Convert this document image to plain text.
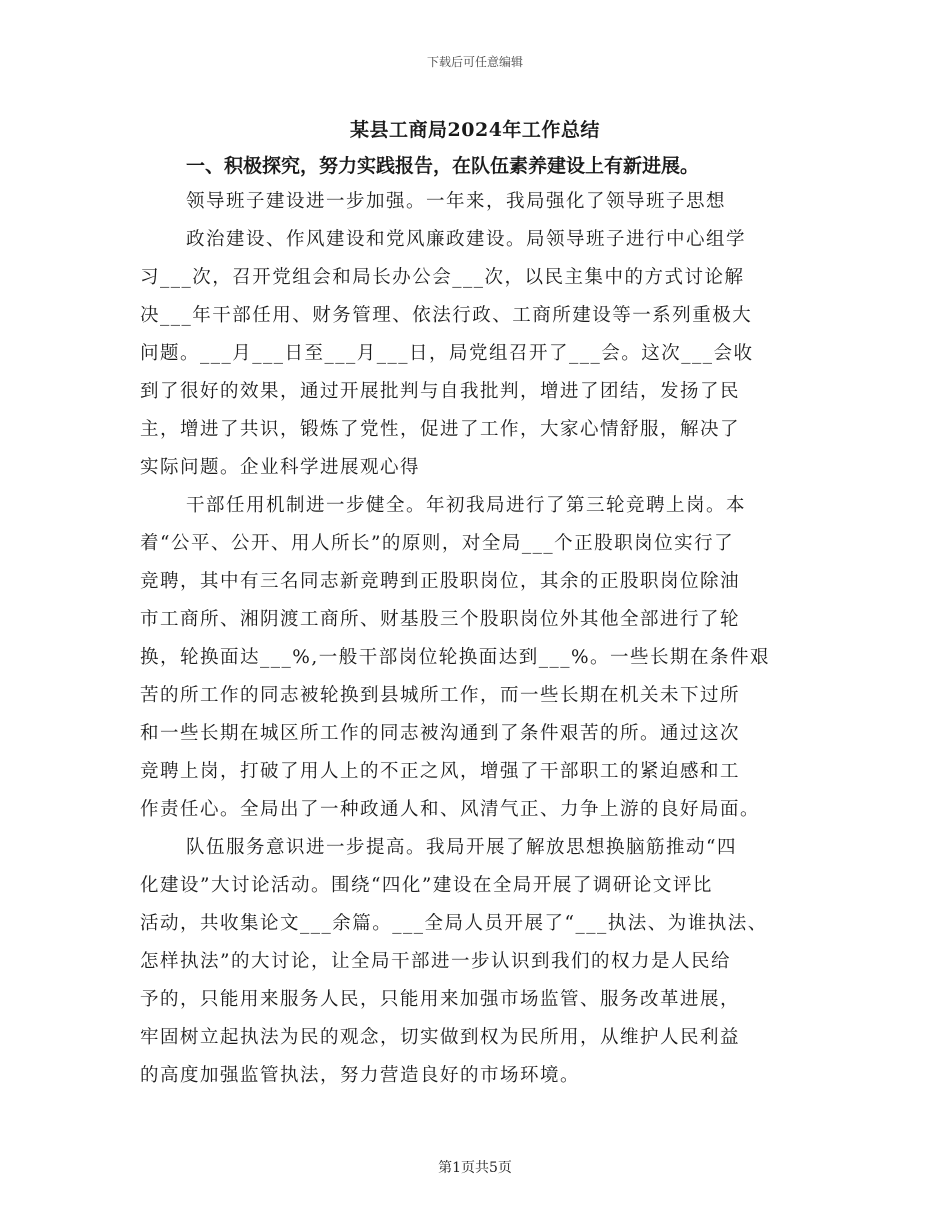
下载后可任意编辑
某县工商局2024年工作总结
一、积极探究，努力实践报告，在队伍素养建设上有新进展。
领导班子建设进一步加强。一年来，我局强化了领导班子思想
政治建设、作风建设和党风廉政建设。局领导班子进行中心组学
习___次，召开党组会和局长办公会___次，以民主集中的方式讨论解
决___年干部任用、财务管理、依法行政、工商所建设等一系列重极大
问题。___月___日至___月___日，局党组召开了___会。这次___会收
到了很好的效果，通过开展批判与自我批判，增进了团结，发扬了民
主，增进了共识，锻炼了党性，促进了工作，大家心情舒服，解决了
实际问题。企业科学进展观心得
干部任用机制进一步健全。年初我局进行了第三轮竞聘上岗。本
着“公平、公开、用人所长”的原则，对全局___个正股职岗位实行了
竞聘，其中有三名同志新竞聘到正股职岗位，其余的正股职岗位除油
市工商所、湘阴渡工商所、财基股三个股职岗位外其他全部进行了轮
换，轮换面达___%,一般干部岗位轮换面达到___%。一些长期在条件艰
苦的所工作的同志被轮换到县城所工作，而一些长期在机关未下过所
和一些长期在城区所工作的同志被沟通到了条件艰苦的所。通过这次
竞聘上岗，打破了用人上的不正之风，增强了干部职工的紧迫感和工
作责任心。全局出了一种政通人和、风清气正、力争上游的良好局面。
队伍服务意识进一步提高。我局开展了解放思想换脑筋推动“四
化建设”大讨论活动。围绕“四化”建设在全局开展了调研论文评比
活动，共收集论文___余篇。___全局人员开展了“___执法、为谁执法、
怎样执法”的大讨论，让全局干部进一步认识到我们的权力是人民给
予的，只能用来服务人民，只能用来加强市场监管、服务改革进展，
牢固树立起执法为民的观念，切实做到权为民所用，从维护人民利益
的高度加强监管执法，努力营造良好的市场环境。
第1页共5页
